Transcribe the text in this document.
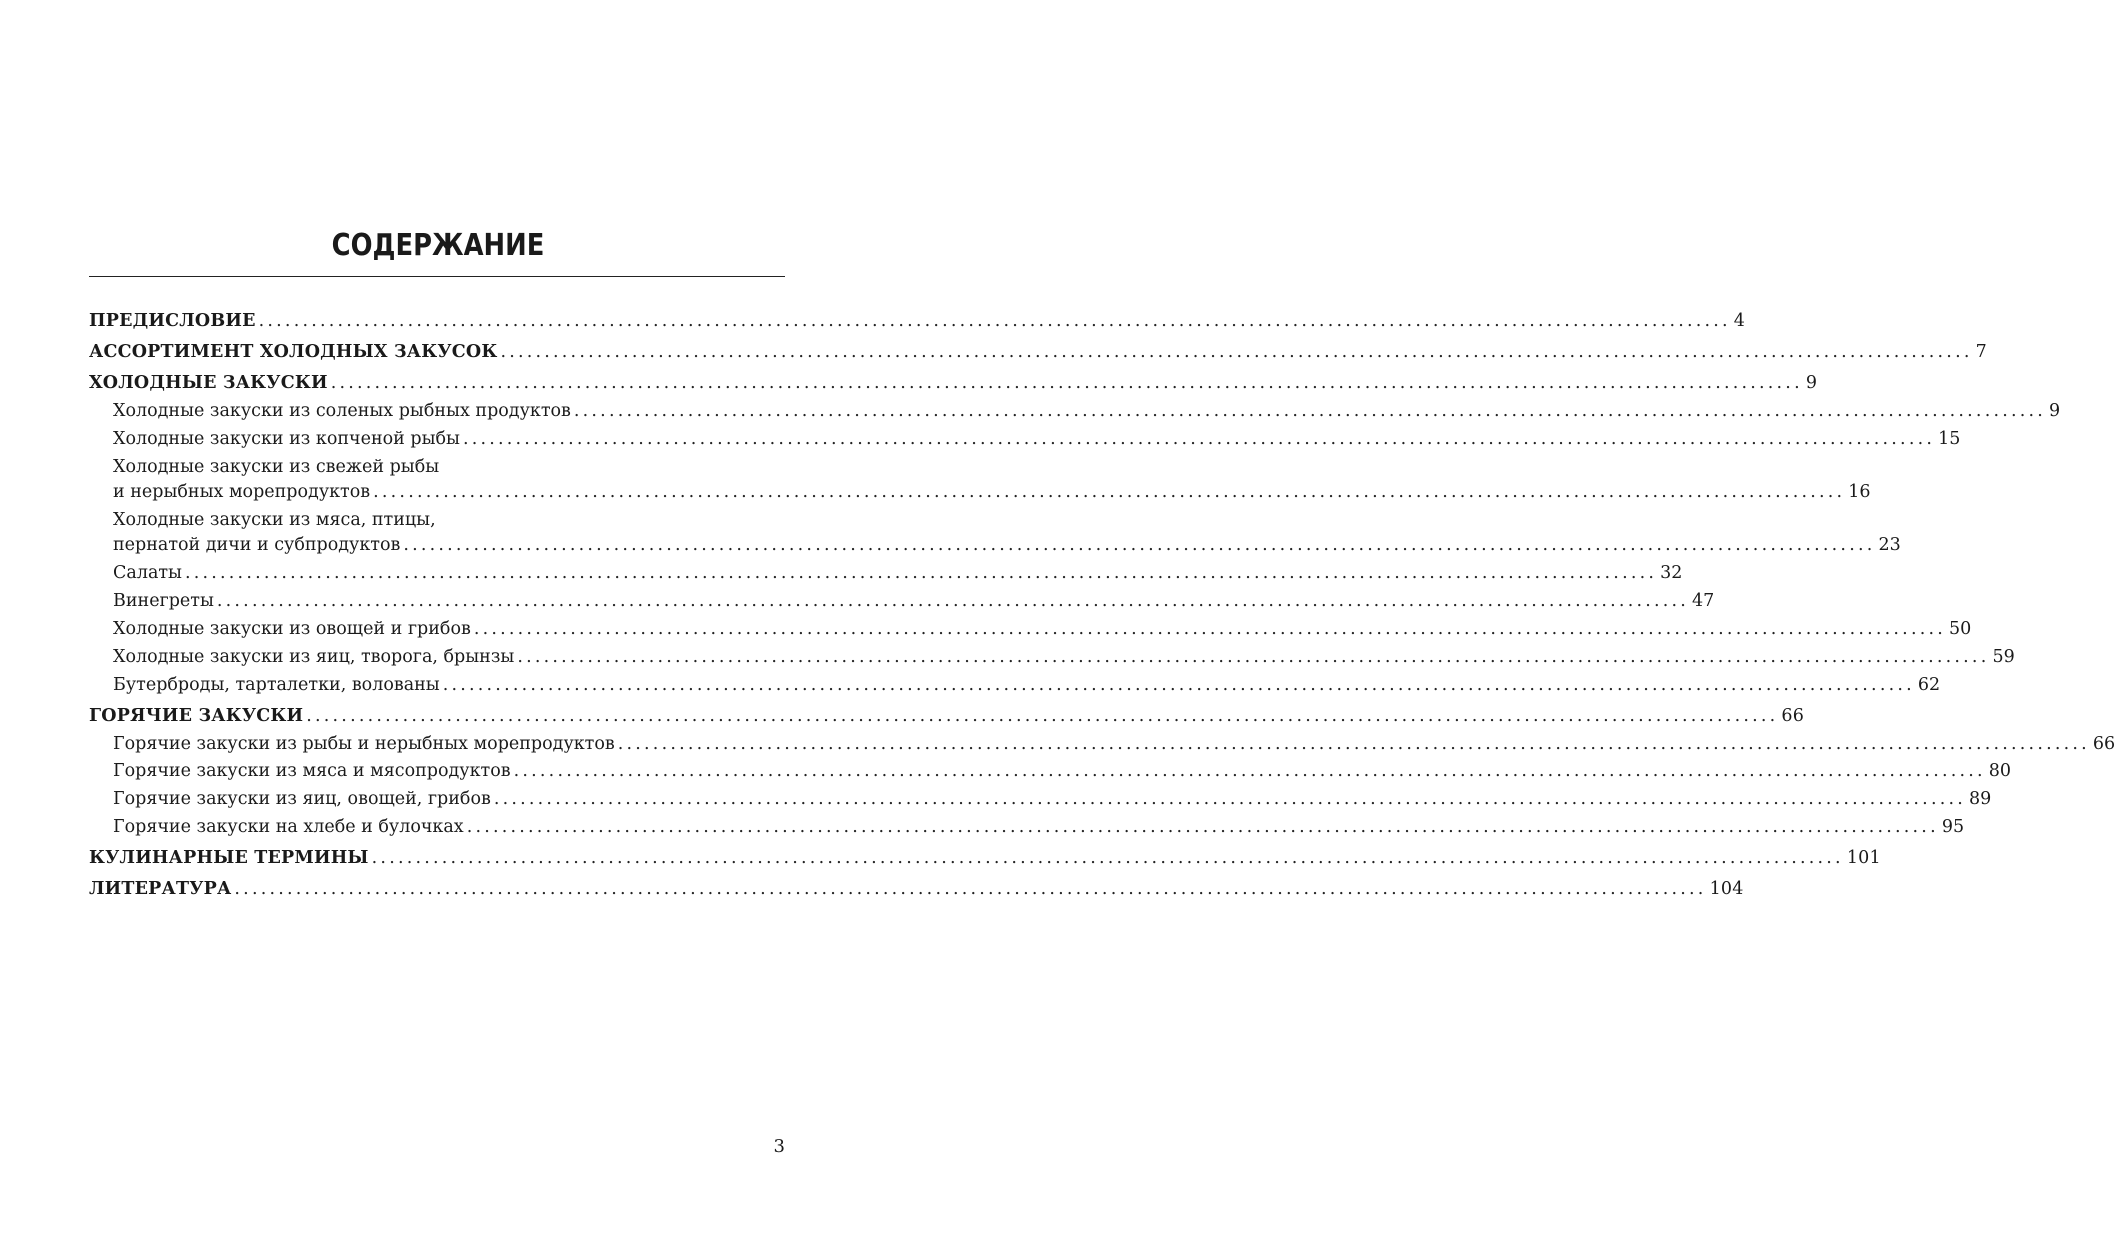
СОДЕРЖАНИЕ
ПРЕДИСЛОВИЕ ........................................................................................................................................................................ 4
АССОРТИМЕНТ ХОЛОДНЫХ ЗАКУСОК ........................................................................................................................................................................ 7
ХОЛОДНЫЕ ЗАКУСКИ ........................................................................................................................................................................ 9
Холодные закуски из соленых рыбных продуктов ........................................................................................................................................................................ 9
Холодные закуски из копченой рыбы ........................................................................................................................................................................ 15
Холодные закуски из свежей рыбы
и нерыбных морепродуктов ........................................................................................................................................................................ 16
Холодные закуски из мяса, птицы,
пернатой дичи и субпродуктов ........................................................................................................................................................................ 23
Салаты ........................................................................................................................................................................ 32
Винегреты ........................................................................................................................................................................ 47
Холодные закуски из овощей и грибов ........................................................................................................................................................................ 50
Холодные закуски из яиц, творога, брынзы ........................................................................................................................................................................ 59
Бутерброды, тарталетки, волованы ........................................................................................................................................................................ 62
ГОРЯЧИЕ ЗАКУСКИ ........................................................................................................................................................................ 66
Горячие закуски из рыбы и нерыбных морепродуктов ........................................................................................................................................................................ 66
Горячие закуски из мяса и мясопродуктов ........................................................................................................................................................................ 80
Горячие закуски из яиц, овощей, грибов ........................................................................................................................................................................ 89
Горячие закуски на хлебе и булочках ........................................................................................................................................................................ 95
КУЛИНАРНЫЕ ТЕРМИНЫ ........................................................................................................................................................................ 101
ЛИТЕРАТУРА ........................................................................................................................................................................ 104
3
